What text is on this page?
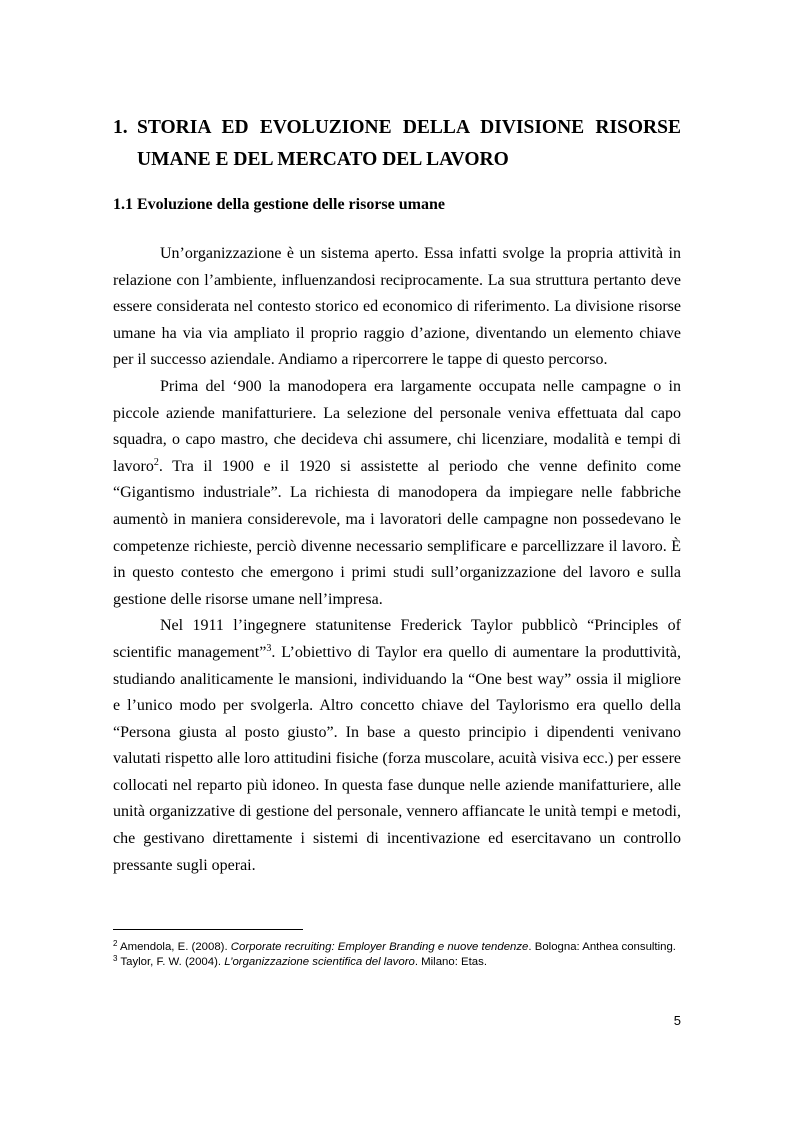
1. STORIA ED EVOLUZIONE DELLA DIVISIONE RISORSE
UMANE E DEL MERCATO DEL LAVORO
1.1 Evoluzione della gestione delle risorse umane

Un’organizzazione è un sistema aperto. Essa infatti svolge la propria attività in relazione con l’ambiente, influenzandosi reciprocamente. La sua struttura pertanto deve essere considerata nel contesto storico ed economico di riferimento. La divisione risorse umane ha via via ampliato il proprio raggio d’azione, diventando un elemento chiave per il successo aziendale. Andiamo a ripercorrere le tappe di questo percorso.

Prima del ‘900 la manodopera era largamente occupata nelle campagne o in piccole aziende manifatturiere. La selezione del personale veniva effettuata dal capo squadra, o capo mastro, che decideva chi assumere, chi licenziare, modalità e tempi di lavoro$^2$. Tra il 1900 e il 1920 si assistette al periodo che venne definito come “Gigantismo industriale”. La richiesta di manodopera da impiegare nelle fabbriche aumentò in maniera considerevole, ma i lavoratori delle campagne non possedevano le competenze richieste, perciò divenne necessario semplificare e parcellizzare il lavoro. È in questo contesto che emergono i primi studi sull’organizzazione del lavoro e sulla gestione delle risorse umane nell’impresa.

Nel 1911 l’ingegnere statunitense Frederick Taylor pubblicò “Principles of scientific management”$^3$. L’obiettivo di Taylor era quello di aumentare la produttività, studiando analiticamente le mansioni, individuando la “One best way” ossia il migliore e l’unico modo per svolgerla. Altro concetto chiave del Taylorismo era quello della “Persona giusta al posto giusto”. In base a questo principio i dipendenti venivano valutati rispetto alle loro attitudini fisiche (forza muscolare, acuità visiva ecc.) per essere collocati nel reparto più idoneo. In questa fase dunque nelle aziende manifatturiere, alle unità organizzative di gestione del personale, vennero affiancate le unità tempi e metodi, che gestivano direttamente i sistemi di incentivazione ed esercitavano un controllo pressante sugli operai.

$^2$ Amendola, E. (2008). Corporate recruiting: Employer Branding e nuove tendenze. Bologna: Anthea consulting.

$^3$ Taylor, F. W. (2004). L’organizzazione scientifica del lavoro. Milano: Etas.

5
